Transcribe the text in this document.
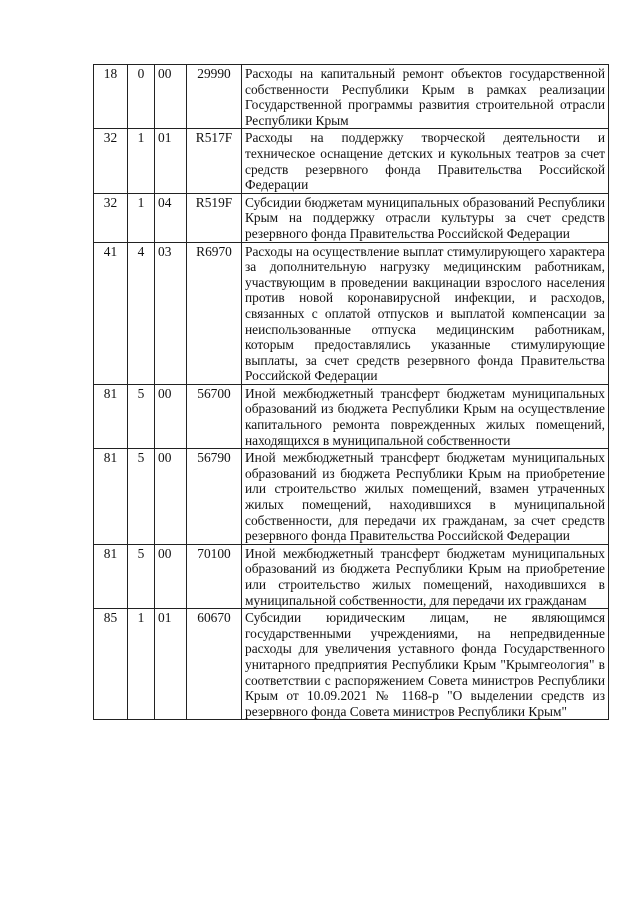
18	0	00	29990	Расходы на капитальный ремонт объектов государственной собственности Республики Крым в рамках реализации Государственной программы развития строительной отрасли Республики Крым
32	1	01	R517F	Расходы на поддержку творческой деятельности и техническое оснащение детских и кукольных театров за счет средств резервного фонда Правительства Российской Федерации
32	1	04	R519F	Субсидии бюджетам муниципальных образований Республики Крым на поддержку отрасли культуры за счет средств резервного фонда Правительства Российской Федерации
41	4	03	R6970	Расходы на осуществление выплат стимулирующего характера за дополнительную нагрузку медицинским работникам, участвующим в проведении вакцинации взрослого населения против новой коронавирусной инфекции, и расходов, связанных с оплатой отпусков и выплатой компенсации за неиспользованные отпуска медицинским работникам, которым предоставлялись указанные стимулирующие выплаты, за счет средств резервного фонда Правительства Российской Федерации
81	5	00	56700	Иной межбюджетный трансферт бюджетам муниципальных образований из бюджета Республики Крым на осуществление капитального ремонта поврежденных жилых помещений, находящихся в муниципальной собственности
81	5	00	56790	Иной межбюджетный трансферт бюджетам муниципальных образований из бюджета Республики Крым на приобретение или строительство жилых помещений, взамен утраченных жилых помещений, находившихся в муниципальной собственности, для передачи их гражданам, за счет средств резервного фонда Правительства Российской Федерации
81	5	00	70100	Иной межбюджетный трансферт бюджетам муниципальных образований из бюджета Республики Крым на приобретение или строительство жилых помещений, находившихся в муниципальной собственности, для передачи их гражданам
85	1	01	60670	Субсидии юридическим лицам, не являющимся государственными учреждениями, на непредвиденные расходы для увеличения уставного фонда Государственного унитарного предприятия Республики Крым "Крымгеология" в соответствии с распоряжением Совета министров Республики Крым от 10.09.2021 № 1168-р "О выделении средств из резервного фонда Совета министров Республики Крым"
